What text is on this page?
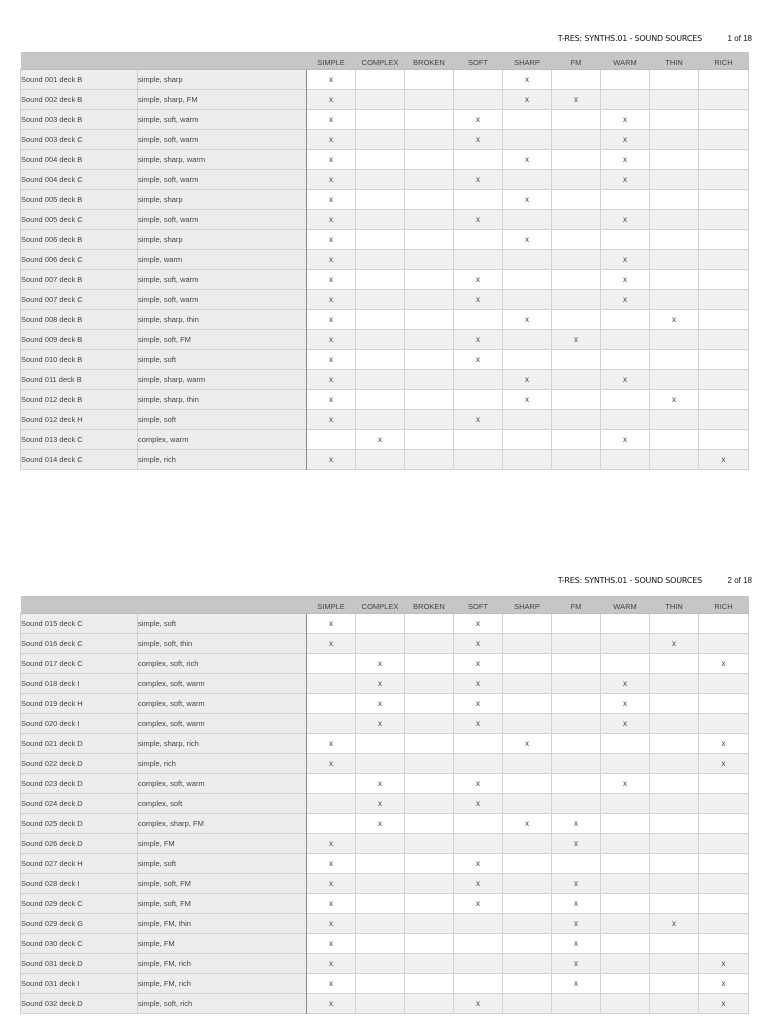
T-RES: SYNTHS.01 - SOUND SOURCES	1 of 18
		SIMPLE	COMPLEX	BROKEN	SOFT	SHARP	FM	WARM	THIN	RICH
Sound 001 deck B	simple, sharp	x				x				
Sound 002 deck B	simple, sharp, FM	x				x	x			
Sound 003 deck B	simple, soft, warm	x			x			x		
Sound 003 deck C	simple, soft, warm	x			x			x		
Sound 004 deck B	simple, sharp, warm	x				x		x		
Sound 004 deck C	simple, soft, warm	x			x			x		
Sound 005 deck B	simple, sharp	x				x				
Sound 005 deck C	simple, soft, warm	x			x			x		
Sound 006 deck B	simple, sharp	x				x				
Sound 006 deck C	simple, warm	x						x		
Sound 007 deck B	simple, soft, warm	x			x			x		
Sound 007 deck C	simple, soft, warm	x			x			x		
Sound 008 deck B	simple, sharp, thin	x				x			x	
Sound 009 deck B	simple, soft, FM	x			x		x			
Sound 010 deck B	simple, soft	x			x					
Sound 011 deck B	simple, sharp, warm	x				x		x		
Sound 012 deck B	simple, sharp, thin	x				x			x	
Sound 012 deck H	simple, soft	x			x					
Sound 013 deck C	complex, warm		x					x		
Sound 014 deck C	simple, rich	x								x
T-RES: SYNTHS.01 - SOUND SOURCES	2 of 18
		SIMPLE	COMPLEX	BROKEN	SOFT	SHARP	FM	WARM	THIN	RICH
Sound 015 deck C	simple, soft	x			x					
Sound 016 deck C	simple, soft, thin	x			x				x	
Sound 017 deck C	complex, soft, rich		x		x					x
Sound 018 deck I	complex, soft, warm		x		x			x		
Sound 019 deck H	complex, soft, warm		x		x			x		
Sound 020 deck I	complex, soft, warm		x		x			x		
Sound 021 deck D	simple, sharp, rich	x				x				x
Sound 022 deck D	simple, rich	x								x
Sound 023 deck D	complex, soft, warm		x		x			x		
Sound 024 deck D	complex, soft		x		x					
Sound 025 deck D	complex, sharp, FM		x			x	x			
Sound 026 deck D	simple, FM	x					x			
Sound 027 deck H	simple, soft	x			x					
Sound 028 deck I	simple, soft, FM	x			x		x			
Sound 029 deck C	simple, soft, FM	x			x		x			
Sound 029 deck G	simple, FM, thin	x					x		x	
Sound 030 deck C	simple, FM	x					x			
Sound 031 deck D	simple, FM, rich	x					x			x
Sound 031 deck I	simple, FM, rich	x					x			x
Sound 032 deck D	simple, soft, rich	x			x					x
